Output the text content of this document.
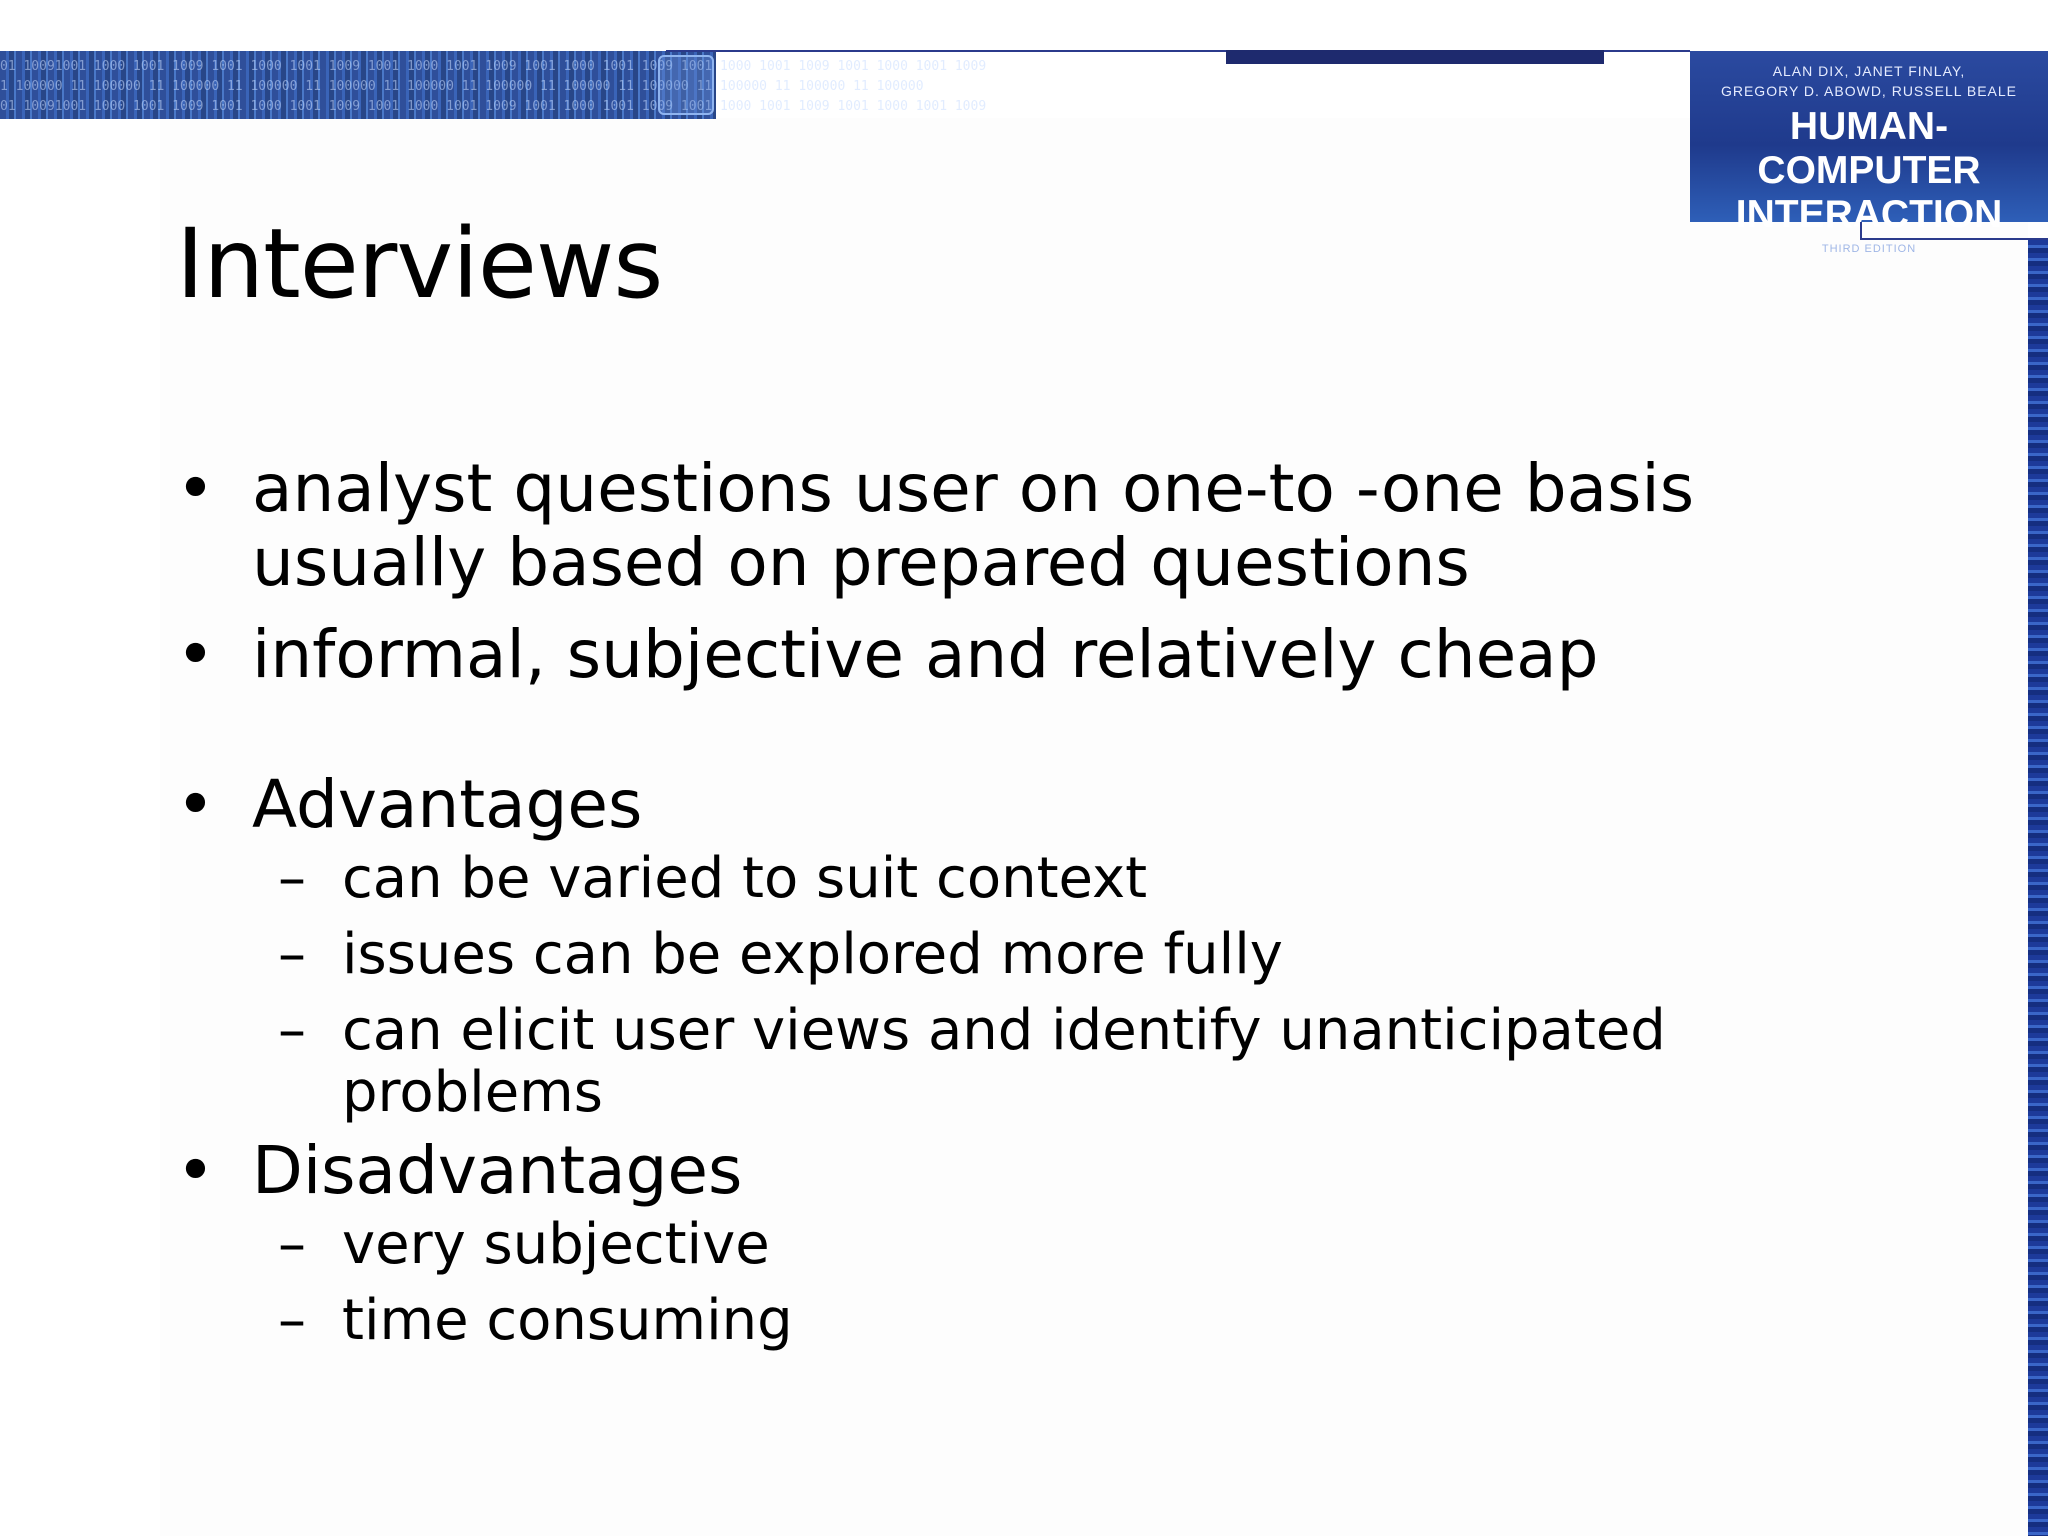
01 10091001 1000 1001 1009 1001 1000 1001 1009 1001 1000 1001 1009 1001 1000 1001 1009 1001 1000 1001 1009 1001 1000 1001 1009
1 100000 11 100000 11 100000 11 100000 11 100000 11 100000 11 100000 11 100000 11 100000 11 100000 11 100000 11 100000
01 10091001 1000 1001 1009 1001 1000 1001 1009 1001 1000 1001 1009 1001 1000 1001 1009 1001 1000 1001 1009 1001 1000 1001 1009
ALAN DIX, JANET FINLAY,
GREGORY D. ABOWD, RUSSELL BEALE
HUMAN-COMPUTER
INTERACTION
THIRD EDITION
Interviews
• analyst questions user on one-to -one basis
usually based on prepared questions
• informal, subjective and relatively cheap
• Advantages
– can be varied to suit context
– issues can be explored more fully
– can elicit user views and identify unanticipated
problems
• Disadvantages
– very subjective
– time consuming
